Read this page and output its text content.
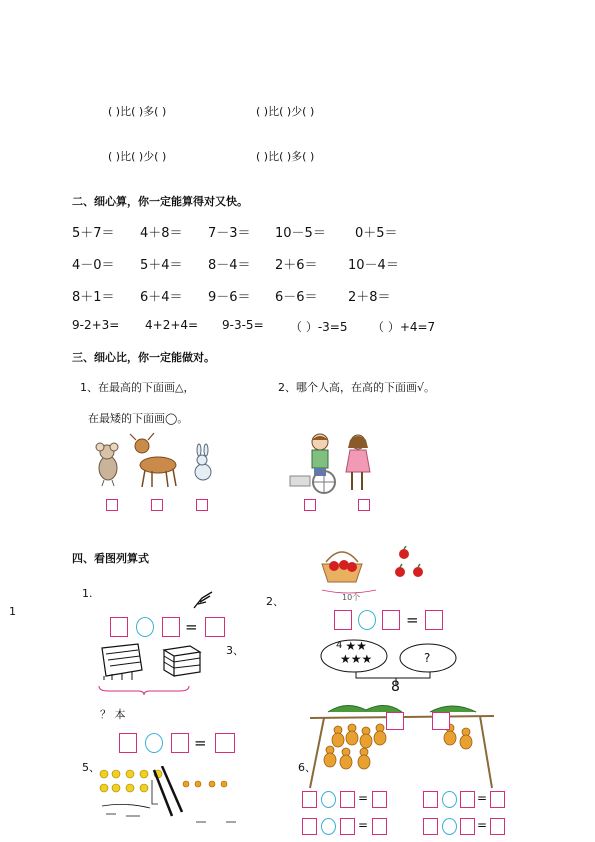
( )比( )多( )	( )比( )少( )
( )比( )少( )	( )比( )多( )
二、细心算，你一定能算得对又快。
5＋7＝ 4＋8＝ 7－3＝ 10－5＝ 0＋5＝
4－0＝ 5＋4＝ 8－4＝ 2＋6＝ 10－4＝
8＋1＝ 6＋4＝ 9－6＝ 6－6＝ 2＋8＝
9-2+3= 4+2+4= 9-3-5= （ ）-3=5 （ ）+4=7
三、细心比，你一定能做对。
1、在最高的下面画△，	2、哪个人高，在高的下面画√。
在最矮的下面画◯。
四、看图列算式
1
1.
=
？ 本
3、
=
2、	10个
=
4 ★★
★★★	?
8
5、	6、
=	=
=	=
